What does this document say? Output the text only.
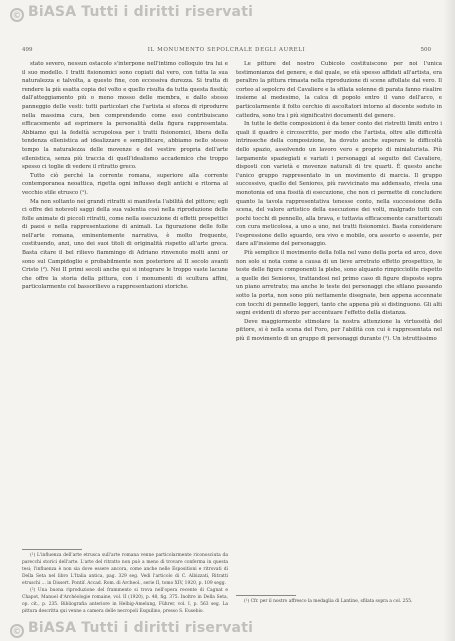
© BiASA Tutti i diritti riservati
499	IL MONUMENTO SEPOLCRALE DEGLI AURELI	500

stato severo, nessun ostacolo s'interpone nell'intimo colloquio tra lui e il suo modello. I tratti fisionomici sono copiati dal vero, con tutta la sua naturalezza e talvolta, a questo fine, con eccessiva durezza. Si tratta di rendere la più esatta copia del volto e quello risulta da tutta questa fissità; dall'atteggiamento più o meno mosso delle membra, e dallo stesso panneggio delle vesti: tutti particolari che l'artista si sforza di riprodurre nella massima cura, ben comprendendo come essi contribuiscano efficacemente ad esprimere la personalità della figura rappresentata. Abbiamo qui la fedeltà scrupolosa per i tratti fisionomici, libera della tendenza ellenistica ad idealizzare e semplificare, abbiamo nello stesso tempo la naturalezza delle movenze e del vestire propria dell'arte ellenistica, senza più traccia di quell'idealismo accademico che troppo spesso ci toglie di vedere il ritratto greco.

Tutto ciò perché la corrente romana, superiore alla corrente contemporanea neoattica, rigetta ogni influsso degli antichi e ritorna al vecchio stile etrusco (¹).

Ma non soltanto nei grandi ritratti si manifesta l'abilità del pittore; egli ci offre dei notevoli saggi della sua valentia così nella riproduzione delle folle animate di piccoli ritratti, come nella esecuzione di effetti prospettici di paesi e nella rappresentazione di animali. La figurazione delle folle nell'arte romana, eminentemente narrativa, è molto frequente, costituendo, anzi, uno dei suoi titoli di originalità rispetto all'arte greca. Basta citare il bel rilievo fiammingo di Adriano rinvenuto molti anni or sono sul Campidoglio e probabilmente non posteriore al II secolo avanti Cristo (²). Nei II primi secoli anche qui si integrare le troppo vaste lacune che offre la storia della pittura, con i monumenti di scultura affini, particolarmente col bassorilievo a rappresentazioni storiche.

(¹) L'influenza dell'arte etrusca sull'arte romana venne particolarmente riconosciuta da parecchi storici dell'arte. L'arte del ritratto non può a meno di trovare conferma in questa tesi; l'influenza è non sia dove essere ancora, come anche nelle Espositioni e ritrovati di Della Seta nel libro L'Italia antica, pag. 329 seg. Vedi l'articolo di C. Albizzati, Ritratti etruschi ... in Dissert. Pontif. Accad. Rom. di Archeol., serie II, tomo XIV, 1920, p. 109 segg.

(²) Una buona riproduzione del frammento si trova nell'opera recente di Cagnat e Chapot, Manuel d'Archéologie romaine, vol. II (1920), p. 48, fig. 375. Inoltre in Della Seta, op. cit., p. 235. Bibliografia anteriore in Helbig-Amelung, Führer, vol. I, p. 563 seg. La pittura descritta qui venne a camera delle necropoli Esquilino, presso S. Eusebio.

Le pitture del nostro Cubicolo costituiscono per noi l'unica testimonianza del genere, e dal quale, se età spesso affidati all'artista, era peraltro la pittura rimasta nella riproduzione di scene affollate dal vero. Il corteo al sepolcro del Cavaliere e la sfilata solenne di parata fanno risalire insieme al medesimo, la calca di popolo entro il vano dell'arco, e particolarmente il folto cerchio di ascoltatori intorno al docente seduto in cattedra, sono tra i più significativi documenti del genere.

In tutte le dette composizioni è da tener conto dei ristretti limiti entro i quali il quadro è circoscritto, per modo che l'artista, oltre alle difficoltà intrinseche della composizione, ha dovuto anche superare le difficoltà dello spazio, assolvendo un lavoro vero e proprio di miniaturista. Più largamente spaziegiati e variati i personaggi al seguito del Cavaliere, disposti con varietà e movenze naturali di tre quarti. È questo anche l'unico gruppo rappresentato in un movimento di marcia. Il gruppo successivo, quello del Seniores, più ravvicinato ma addensato, rivela una monotonia ed una fissità di esecuzione, che non ci permette di concludere quanto la tavola rappresentativa tenesse conto, nella successione della scena, del valore artistico della esecuzione dei volti, malgrado tutti con pochi tocchi di pennello, alla brava, e tuttavia efficacemente caratterizzati con cura meticolosa, a uno a uno, nei tratti fisionomici. Basta considerare l'espressione dello sguardo, ora vivo e mobile, ora assorto o assente, per dare all'insieme del personaggio.

Più semplice il movimento della folla nel vano della porta ed arco, dove non solo si nota come a causa di un lieve arretrato effetto prospettico, le teste delle figure componenti la plebe, sono alquanto rimpicciolite rispetto a quelle dei Seniores, trattandosi nel primo caso di figure disposte sopra un piano arretrato; ma anche le teste dei personaggi che sfilano passando sotto la porta, non sono più nettamente disegnate, ben appena accennate con tocchi di pennello leggeri, tanto che appena più si distinguono. Gli alti segni evidenti di sforzo per accentuare l'effetto della distanza.

Deve maggiormente stimolare la nostra attenzione la virtuosità del pittore, si è nella scena del Foro, per l'abilità con cui è rappresentata nel più il movimento di un gruppo di personaggi durante (¹). Un istruttissimo

(¹) Cfr. per il nostro affresco la medaglia di Lantine, sfilata sopra a col. 255.

© BiASA Tutti i diritti riservati
